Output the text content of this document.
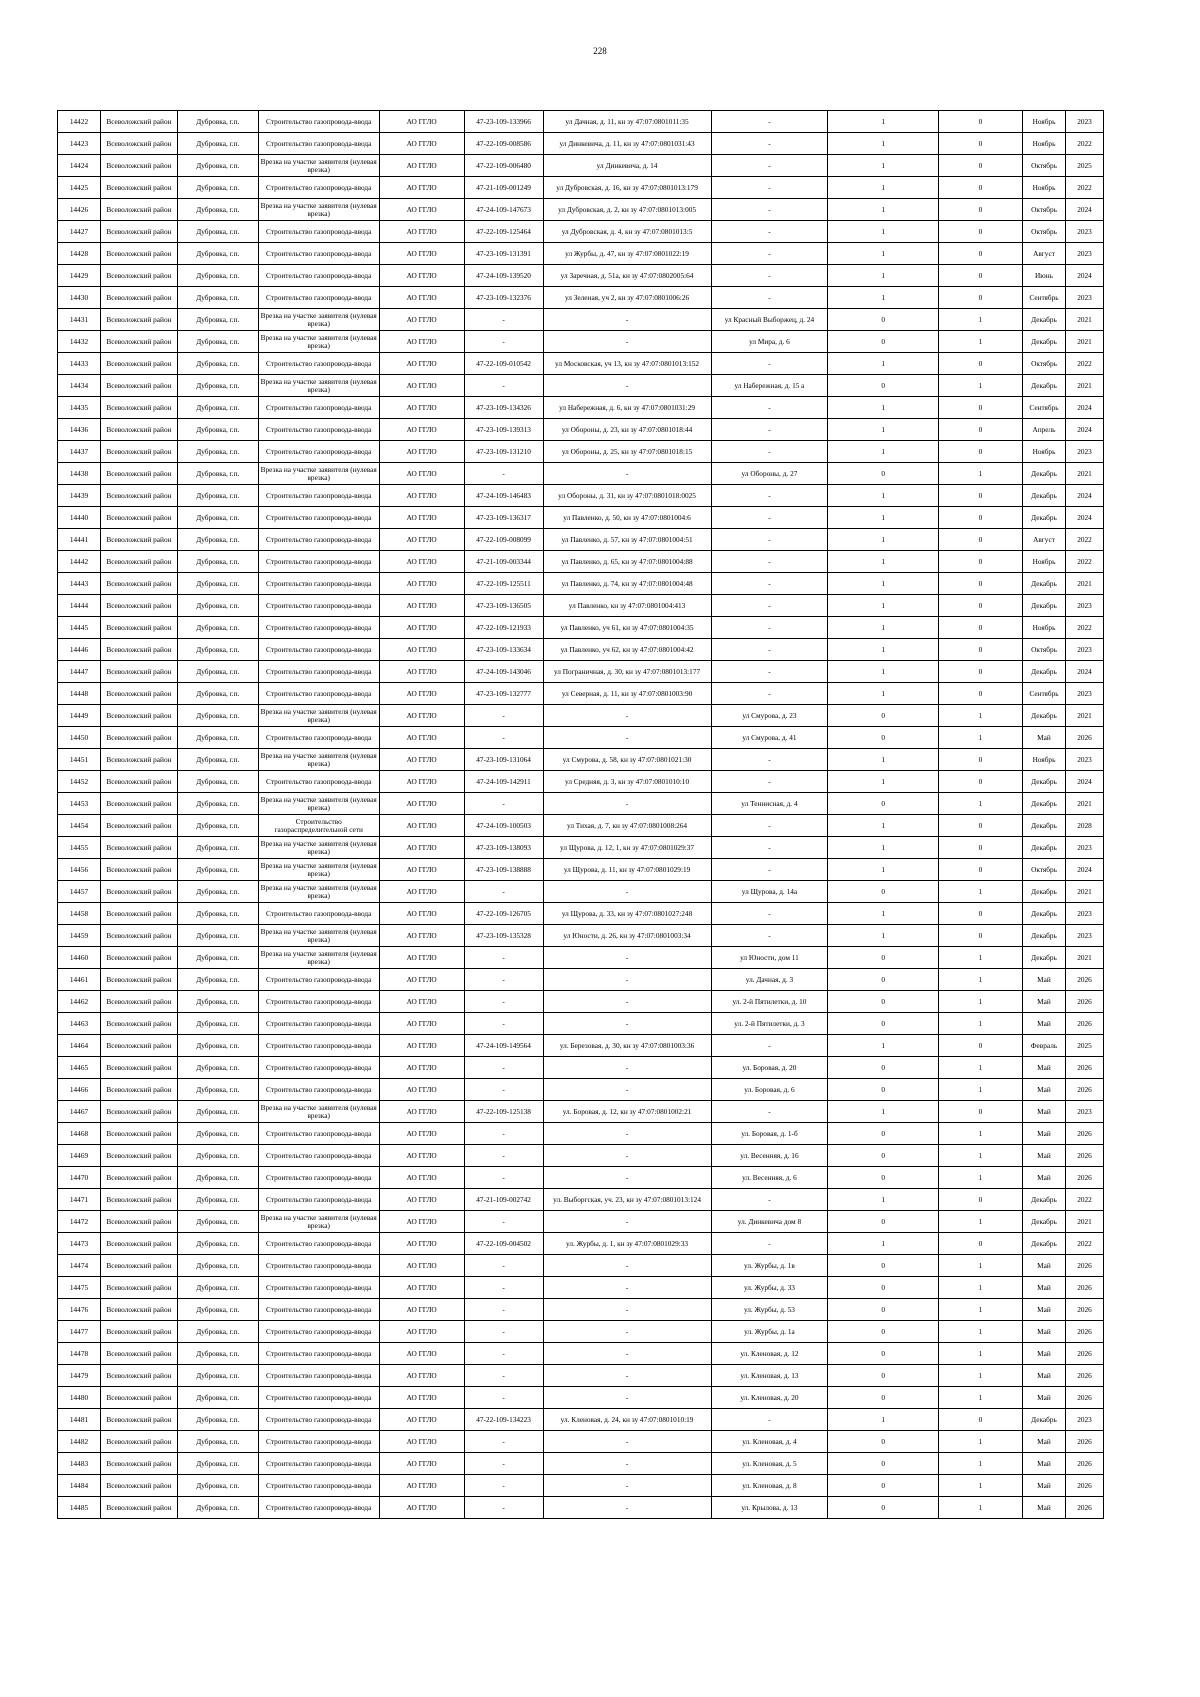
228
14422	Всеволожский район	Дубровка, г.п.	Строительство газопровода-ввода	АО ГГЛО	47-23-109-133966	ул Дачная, д. 11, кн зу 47:07:0801011:35	-	1	0	Ноябрь	2023
14423	Всеволожский район	Дубровка, г.п.	Строительство газопровода-ввода	АО ГГЛО	47-22-109-008586	ул Динкевича, д. 11, кн зу 47:07:0801031:43	-	1	0	Ноябрь	2022
14424	Всеволожский район	Дубровка, г.п.	Врезка на участке заявителя (нулевая врезка)	АО ГГЛО	47-22-109-006480	ул Динкевича, д. 14	-	1	0	Октябрь	2025
14425	Всеволожский район	Дубровка, г.п.	Строительство газопровода-ввода	АО ГГЛО	47-21-109-001249	ул Дубровская, д. 16, кн зу 47:07:0801013:179	-	1	0	Ноябрь	2022
14426	Всеволожский район	Дубровка, г.п.	Врезка на участке заявителя (нулевая врезка)	АО ГГЛО	47-24-109-147673	ул Дубровская, д. 2, кн зу 47:07:0801013:005	-	1	0	Октябрь	2024
14427	Всеволожский район	Дубровка, г.п.	Строительство газопровода-ввода	АО ГГЛО	47-22-109-125464	ул Дубровская, д. 4, кн зу 47:07:0801013:5	-	1	0	Октябрь	2023
14428	Всеволожский район	Дубровка, г.п.	Строительство газопровода-ввода	АО ГГЛО	47-23-109-131391	ул Журбы, д. 47, кн зу 47:07:0801022:19	-	1	0	Август	2023
14429	Всеволожский район	Дубровка, г.п.	Строительство газопровода-ввода	АО ГГЛО	47-24-109-139520	ул Заречная, д. 51а, кн зу 47:07:0802005:64	-	1	0	Июнь	2024
14430	Всеволожский район	Дубровка, г.п.	Строительство газопровода-ввода	АО ГГЛО	47-23-109-132376	ул Зеленая, уч 2, кн зу 47:07:0801006:26	-	1	0	Сентябрь	2023
14431	Всеволожский район	Дубровка, г.п.	Врезка на участке заявителя (нулевая врезка)	АО ГГЛО	-	-	ул Красный Выборжец, д. 24	0	1	Декабрь	2021
14432	Всеволожский район	Дубровка, г.п.	Врезка на участке заявителя (нулевая врезка)	АО ГГЛО	-	-	ул Мира, д. 6	0	1	Декабрь	2021
14433	Всеволожский район	Дубровка, г.п.	Строительство газопровода-ввода	АО ГГЛО	47-22-109-010542	ул Московская, уч 13, кн зу 47:07:0801013:152	-	1	0	Октябрь	2022
14434	Всеволожский район	Дубровка, г.п.	Врезка на участке заявителя (нулевая врезка)	АО ГГЛО	-	-	ул Набережная, д. 15 а	0	1	Декабрь	2021
14435	Всеволожский район	Дубровка, г.п.	Строительство газопровода-ввода	АО ГГЛО	47-23-109-134326	ул Набережная, д. 6, кн зу 47:07:0801031:29	-	1	0	Сентябрь	2024
14436	Всеволожский район	Дубровка, г.п.	Строительство газопровода-ввода	АО ГГЛО	47-23-109-139313	ул Обороны, д. 23, кн зу 47:07:0801018:44	-	1	0	Апрель	2024
14437	Всеволожский район	Дубровка, г.п.	Строительство газопровода-ввода	АО ГГЛО	47-23-109-131210	ул Обороны, д. 25, кн зу 47:07:0801018:15	-	1	0	Ноябрь	2023
14438	Всеволожский район	Дубровка, г.п.	Врезка на участке заявителя (нулевая врезка)	АО ГГЛО	-	-	ул Обороны, д. 27	0	1	Декабрь	2021
14439	Всеволожский район	Дубровка, г.п.	Строительство газопровода-ввода	АО ГГЛО	47-24-109-146483	ул Обороны, д. 31, кн зу 47:07:0801018:0025	-	1	0	Декабрь	2024
14440	Всеволожский район	Дубровка, г.п.	Строительство газопровода-ввода	АО ГГЛО	47-23-109-136317	ул Павленко, д. 50, кн зу 47:07:0801004:6	-	1	0	Декабрь	2024
14441	Всеволожский район	Дубровка, г.п.	Строительство газопровода-ввода	АО ГГЛО	47-22-109-008099	ул Павленко, д. 57, кн зу 47:07:0801004:51	-	1	0	Август	2022
14442	Всеволожский район	Дубровка, г.п.	Строительство газопровода-ввода	АО ГГЛО	47-21-109-003344	ул Павленко, д. 65, кн зу 47:07:0801004:88	-	1	0	Ноябрь	2022
14443	Всеволожский район	Дубровка, г.п.	Строительство газопровода-ввода	АО ГГЛО	47-22-109-125511	ул Павленко, д. 74, кн зу 47:07:0801004:48	-	1	0	Декабрь	2021
14444	Всеволожский район	Дубровка, г.п.	Строительство газопровода-ввода	АО ГГЛО	47-23-109-136505	ул Павленко, кн зу 47:07:0801004:413	-	1	0	Декабрь	2023
14445	Всеволожский район	Дубровка, г.п.	Строительство газопровода-ввода	АО ГГЛО	47-22-109-121933	ул Павленко, уч 61, кн зу 47:07:0801004:35	-	1	0	Ноябрь	2022
14446	Всеволожский район	Дубровка, г.п.	Строительство газопровода-ввода	АО ГГЛО	47-23-109-133634	ул Павленко, уч 62, кн зу 47:07:0801004:42	-	1	0	Октябрь	2023
14447	Всеволожский район	Дубровка, г.п.	Строительство газопровода-ввода	АО ГГЛО	47-24-109-143046	ул Пограничная, д. 30, кн зу 47:07:0801013:177	-	1	0	Декабрь	2024
14448	Всеволожский район	Дубровка, г.п.	Строительство газопровода-ввода	АО ГГЛО	47-23-109-132777	ул Северная, д. 11, кн зу 47:07:0801003:90	-	1	0	Сентябрь	2023
14449	Всеволожский район	Дубровка, г.п.	Врезка на участке заявителя (нулевая врезка)	АО ГГЛО	-	-	ул Смурова, д. 23	0	1	Декабрь	2021
14450	Всеволожский район	Дубровка, г.п.	Строительство газопровода-ввода	АО ГГЛО	-	-	ул Смурова, д. 41	0	1	Май	2026
14451	Всеволожский район	Дубровка, г.п.	Врезка на участке заявителя (нулевая врезка)	АО ГГЛО	47-23-109-131064	ул Смурова, д. 58, кн зу 47:07:0801021:30	-	1	0	Ноябрь	2023
14452	Всеволожский район	Дубровка, г.п.	Строительство газопровода-ввода	АО ГГЛО	47-24-109-142911	ул Средняя, д. 3, кн зу 47:07:0801010:10	-	1	0	Декабрь	2024
14453	Всеволожский район	Дубровка, г.п.	Врезка на участке заявителя (нулевая врезка)	АО ГГЛО	-	-	ул Теннисная, д. 4	0	1	Декабрь	2021
14454	Всеволожский район	Дубровка, г.п.	Строительство газораспределительной сети	АО ГГЛО	47-24-109-100503	ул Тихая, д. 7, кн зу 47:07:0801008:264	-	1	0	Декабрь	2028
14455	Всеволожский район	Дубровка, г.п.	Врезка на участке заявителя (нулевая врезка)	АО ГГЛО	47-23-109-138093	ул Щурова, д. 12, 1, кн зу 47:07:0801029:37	-	1	0	Декабрь	2023
14456	Всеволожский район	Дубровка, г.п.	Врезка на участке заявителя (нулевая врезка)	АО ГГЛО	47-23-109-138888	ул Щурова, д. 11, кн зу 47:07:0801029:19	-	1	0	Октябрь	2024
14457	Всеволожский район	Дубровка, г.п.	Врезка на участке заявителя (нулевая врезка)	АО ГГЛО	-	-	ул Щурова, д. 14а	0	1	Декабрь	2021
14458	Всеволожский район	Дубровка, г.п.	Строительство газопровода-ввода	АО ГГЛО	47-22-109-126705	ул Щурова, д. 33, кн зу 47:07:0801027:248	-	1	0	Декабрь	2023
14459	Всеволожский район	Дубровка, г.п.	Врезка на участке заявителя (нулевая врезка)	АО ГГЛО	47-23-109-135328	ул Юности, д. 26, кн зу 47:07:0801003:34	-	1	0	Декабрь	2023
14460	Всеволожский район	Дубровка, г.п.	Врезка на участке заявителя (нулевая врезка)	АО ГГЛО	-	-	ул Юности, дом 11	0	1	Декабрь	2021
14461	Всеволожский район	Дубровка, г.п.	Строительство газопровода-ввода	АО ГГЛО	-	-	ул. Дачная, д. 3	0	1	Май	2026
14462	Всеволожский район	Дубровка, г.п.	Строительство газопровода-ввода	АО ГГЛО	-	-	ул. 2-й Пятилетки, д. 10	0	1	Май	2026
14463	Всеволожский район	Дубровка, г.п.	Строительство газопровода-ввода	АО ГГЛО	-	-	ул. 2-й Пятилетки, д. 3	0	1	Май	2026
14464	Всеволожский район	Дубровка, г.п.	Строительство газопровода-ввода	АО ГГЛО	47-24-109-149564	ул. Березовая, д. 30, кн зу 47:07:0801003:36	-	1	0	Февраль	2025
14465	Всеволожский район	Дубровка, г.п.	Строительство газопровода-ввода	АО ГГЛО	-	-	ул. Боровая, д. 20	0	1	Май	2026
14466	Всеволожский район	Дубровка, г.п.	Строительство газопровода-ввода	АО ГГЛО	-	-	ул. Боровая, д. 6	0	1	Май	2026
14467	Всеволожский район	Дубровка, г.п.	Врезка на участке заявителя (нулевая врезка)	АО ГГЛО	47-22-109-125138	ул. Боровая, д. 12, кн зу 47:07:0801002:21	-	1	0	Май	2023
14468	Всеволожский район	Дубровка, г.п.	Строительство газопровода-ввода	АО ГГЛО	-	-	ул. Боровая, д. 1-б	0	1	Май	2026
14469	Всеволожский район	Дубровка, г.п.	Строительство газопровода-ввода	АО ГГЛО	-	-	ул. Весенняя, д. 16	0	1	Май	2026
14470	Всеволожский район	Дубровка, г.п.	Строительство газопровода-ввода	АО ГГЛО	-	-	ул. Весенняя, д. 6	0	1	Май	2026
14471	Всеволожский район	Дубровка, г.п.	Строительство газопровода-ввода	АО ГГЛО	47-21-109-002742	ул. Выборгская, уч. 23, кн зу 47:07:0801013:124	-	1	0	Декабрь	2022
14472	Всеволожский район	Дубровка, г.п.	Врезка на участке заявителя (нулевая врезка)	АО ГГЛО	-	-	ул. Динкевича дом 8	0	1	Декабрь	2021
14473	Всеволожский район	Дубровка, г.п.	Строительство газопровода-ввода	АО ГГЛО	47-22-109-004502	ул. Журбы, д. 1, кн зу 47:07:0801029:33	-	1	0	Декабрь	2022
14474	Всеволожский район	Дубровка, г.п.	Строительство газопровода-ввода	АО ГГЛО	-	-	ул. Журбы, д. 1в	0	1	Май	2026
14475	Всеволожский район	Дубровка, г.п.	Строительство газопровода-ввода	АО ГГЛО	-	-	ул. Журбы, д. 33	0	1	Май	2026
14476	Всеволожский район	Дубровка, г.п.	Строительство газопровода-ввода	АО ГГЛО	-	-	ул. Журбы, д. 53	0	1	Май	2026
14477	Всеволожский район	Дубровка, г.п.	Строительство газопровода-ввода	АО ГГЛО	-	-	ул. Журбы, д. 1а	0	1	Май	2026
14478	Всеволожский район	Дубровка, г.п.	Строительство газопровода-ввода	АО ГГЛО	-	-	ул. Кленовая, д. 12	0	1	Май	2026
14479	Всеволожский район	Дубровка, г.п.	Строительство газопровода-ввода	АО ГГЛО	-	-	ул. Кленовая, д. 13	0	1	Май	2026
14480	Всеволожский район	Дубровка, г.п.	Строительство газопровода-ввода	АО ГГЛО	-	-	ул. Кленовая, д. 20	0	1	Май	2026
14481	Всеволожский район	Дубровка, г.п.	Строительство газопровода-ввода	АО ГГЛО	47-22-109-134223	ул. Кленовая, д. 24, кн зу 47:07:0801010:19	-	1	0	Декабрь	2023
14482	Всеволожский район	Дубровка, г.п.	Строительство газопровода-ввода	АО ГГЛО	-	-	ул. Кленовая, д. 4	0	1	Май	2026
14483	Всеволожский район	Дубровка, г.п.	Строительство газопровода-ввода	АО ГГЛО	-	-	ул. Кленовая, д. 5	0	1	Май	2026
14484	Всеволожский район	Дубровка, г.п.	Строительство газопровода-ввода	АО ГГЛО	-	-	ул. Кленовая, д. 8	0	1	Май	2026
14485	Всеволожский район	Дубровка, г.п.	Строительство газопровода-ввода	АО ГГЛО	-	-	ул. Крылова, д. 13	0	1	Май	2026
